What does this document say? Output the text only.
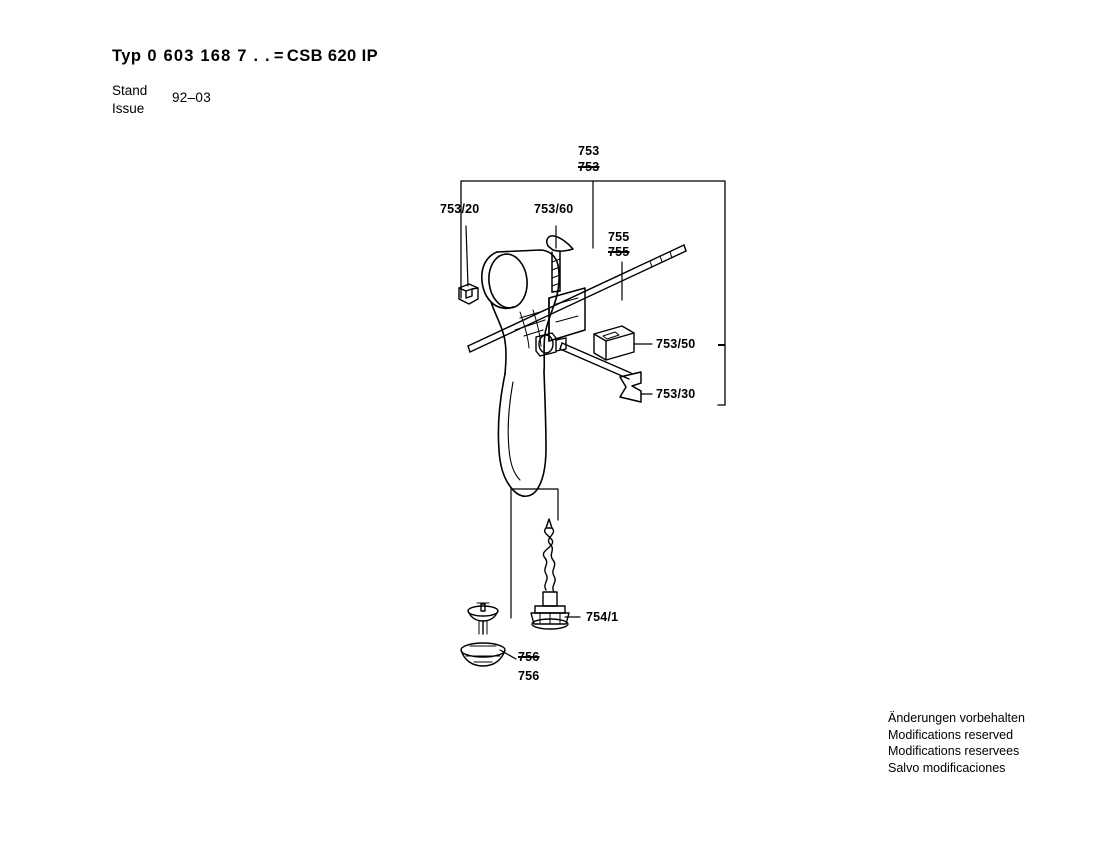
Typ 0 603 168 7 . . = CSB 620 IP
Stand
Issue
92–03
753
753
753/20	753/60
755
755
753/50
753/30
754/1
756
756
Änderungen vorbehalten
Modifications reserved
Modifications reservees
Salvo modificaciones
